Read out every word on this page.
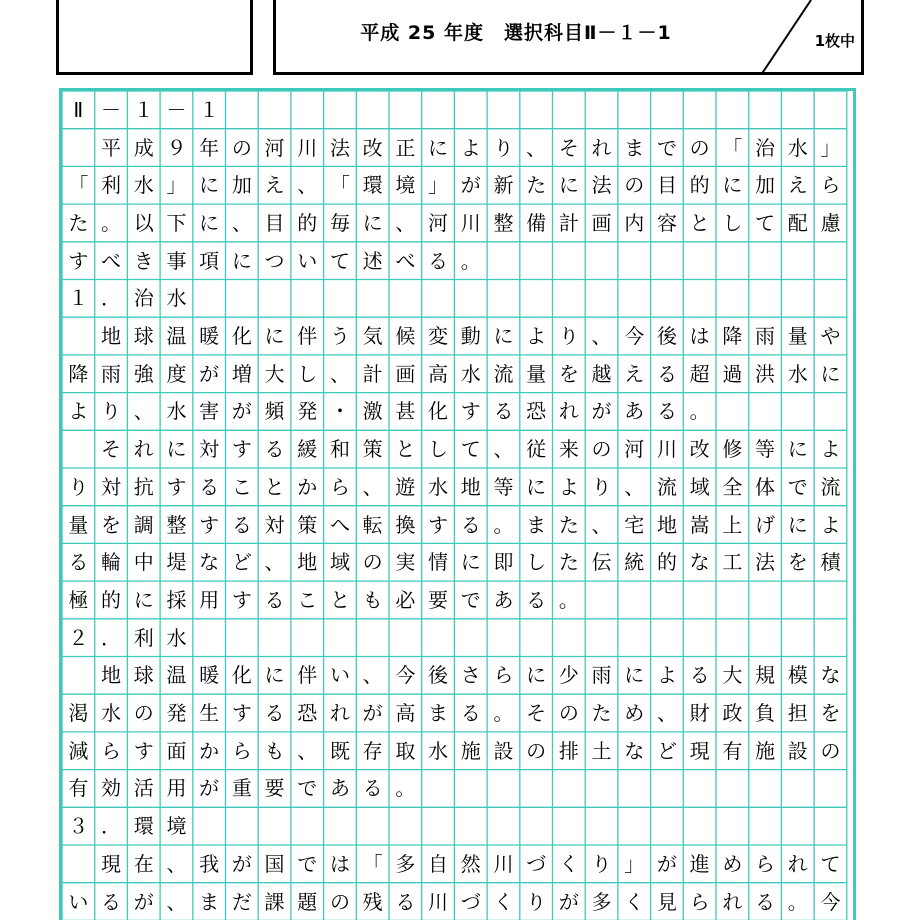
平成 25 年度　選択科目Ⅱ－１－1	1枚中
Ⅱ － １ － １
平 成 ９ 年 の 河 川 法 改 正 に よ り 、 そ れ ま で の 「 治 水 」
「 利 水 」 に 加 え 、 「 環 境 」 が 新 た に 法 の 目 的 に 加 え ら
た 。 以 下 に 、 目 的 毎 に 、 河 川 整 備 計 画 内 容 と し て 配 慮
す べ き 事 項 に つ い て 述 べ る 。
１ ． 治 水
地 球 温 暖 化 に 伴 う 気 候 変 動 に よ り 、 今 後 は 降 雨 量 や
降 雨 強 度 が 増 大 し 、 計 画 高 水 流 量 を 越 え る 超 過 洪 水 に
よ り 、 水 害 が 頻 発 ・ 激 甚 化 す る 恐 れ が あ る 。
そ れ に 対 す る 緩 和 策 と し て 、 従 来 の 河 川 改 修 等 に よ
り 対 抗 す る こ と か ら 、 遊 水 地 等 に よ り 、 流 域 全 体 で 流
量 を 調 整 す る 対 策 へ 転 換 す る 。 ま た 、 宅 地 嵩 上 げ に よ
る 輪 中 堤 な ど 、 地 域 の 実 情 に 即 し た 伝 統 的 な 工 法 を 積
極 的 に 採 用 す る こ と も 必 要 で あ る 。
２ ． 利 水
地 球 温 暖 化 に 伴 い 、 今 後 さ ら に 少 雨 に よ る 大 規 模 な
渇 水 の 発 生 す る 恐 れ が 高 ま る 。 そ の た め 、 財 政 負 担 を
減 ら す 面 か ら も 、 既 存 取 水 施 設 の 排 土 な ど 現 有 施 設 の
有 効 活 用 が 重 要 で あ る 。
３ ． 環 境
現 在 、 我 が 国 で は 「 多 自 然 川 づ く り 」 が 進 め ら れ て
い る が 、 ま だ 課 題 の 残 る 川 づ く り が 多 く 見 ら れ る 。 今
